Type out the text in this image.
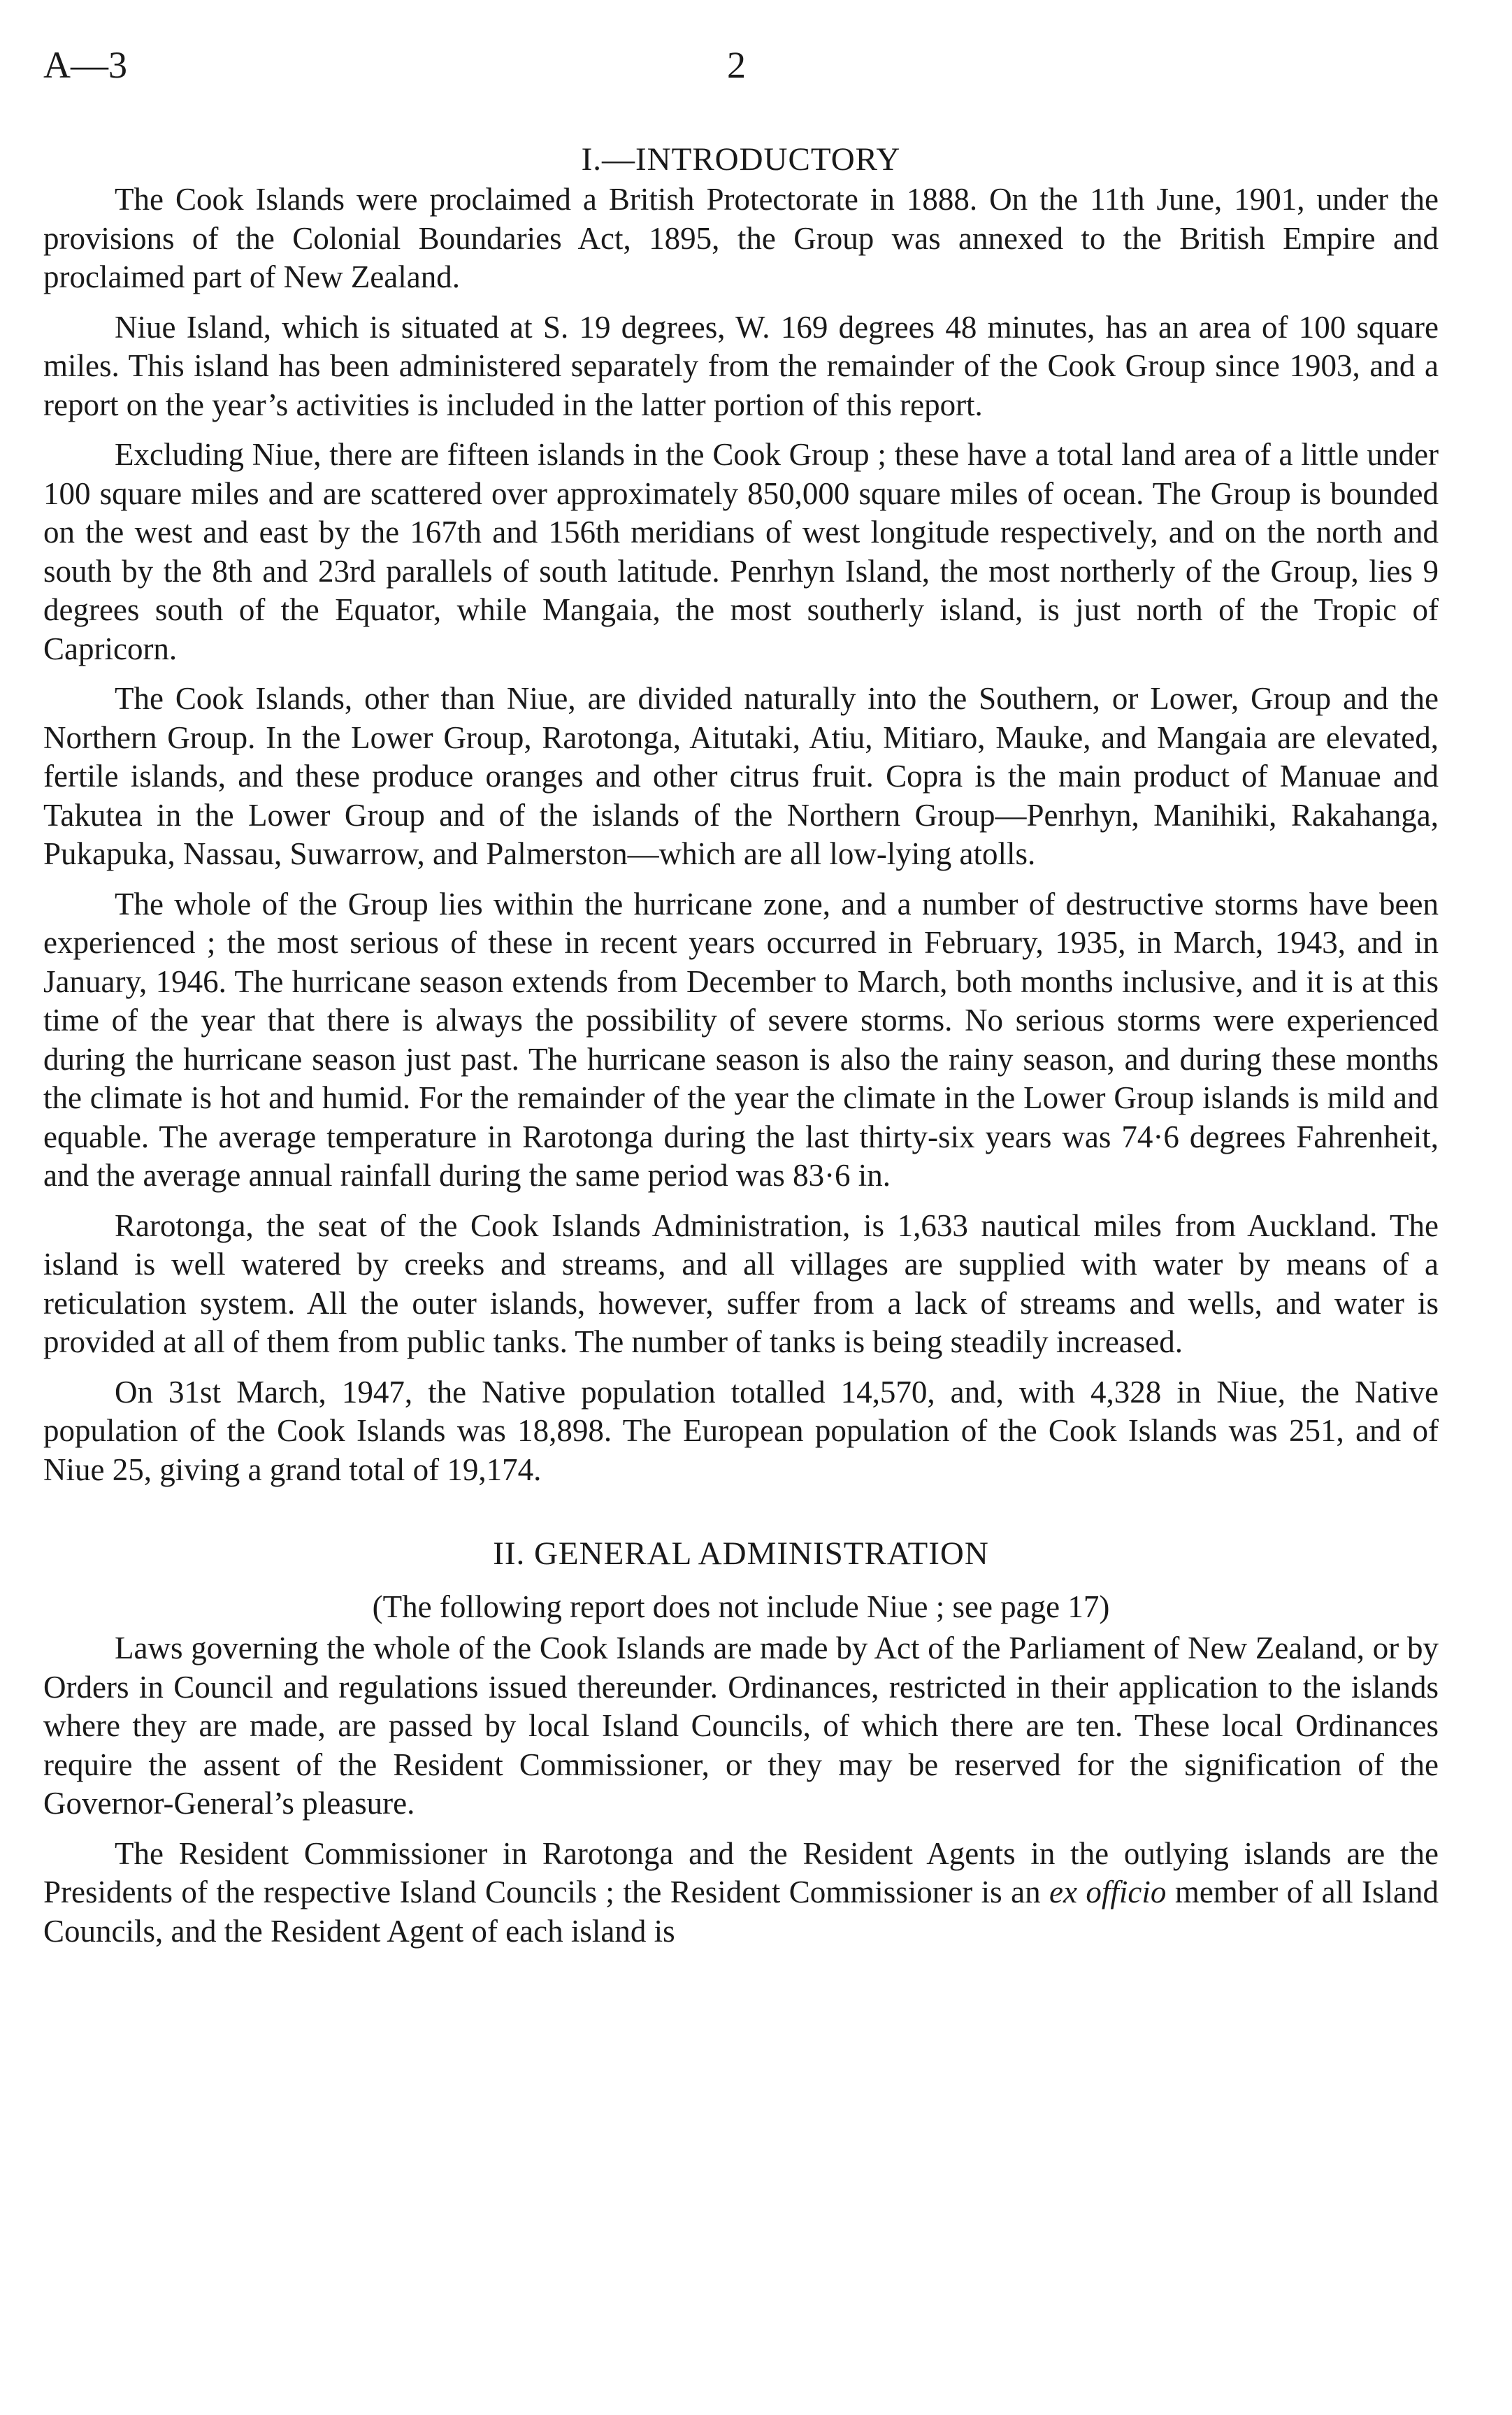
A—3	2
I.—INTRODUCTORY

The Cook Islands were proclaimed a British Protectorate in 1888. On the 11th June, 1901, under the provisions of the Colonial Boundaries Act, 1895, the Group was annexed to the British Empire and proclaimed part of New Zealand.

Niue Island, which is situated at S. 19 degrees, W. 169 degrees 48 minutes, has an area of 100 square miles. This island has been administered separately from the remainder of the Cook Group since 1903, and a report on the year’s activities is included in the latter portion of this report.

Excluding Niue, there are fifteen islands in the Cook Group ; these have a total land area of a little under 100 square miles and are scattered over approximately 850,000 square miles of ocean. The Group is bounded on the west and east by the 167th and 156th meridians of west longitude respectively, and on the north and south by the 8th and 23rd parallels of south latitude. Penrhyn Island, the most northerly of the Group, lies 9 degrees south of the Equator, while Mangaia, the most southerly island, is just north of the Tropic of Capricorn.

The Cook Islands, other than Niue, are divided naturally into the Southern, or Lower, Group and the Northern Group. In the Lower Group, Rarotonga, Aitutaki, Atiu, Mitiaro, Mauke, and Mangaia are elevated, fertile islands, and these produce oranges and other citrus fruit. Copra is the main product of Manuae and Takutea in the Lower Group and of the islands of the Northern Group—Penrhyn, Manihiki, Rakahanga, Pukapuka, Nassau, Suwarrow, and Palmerston—which are all low-lying atolls.

The whole of the Group lies within the hurricane zone, and a number of destructive storms have been experienced ; the most serious of these in recent years occurred in February, 1935, in March, 1943, and in January, 1946. The hurricane season extends from December to March, both months inclusive, and it is at this time of the year that there is always the possibility of severe storms. No serious storms were experienced during the hurricane season just past. The hurricane season is also the rainy season, and during these months the climate is hot and humid. For the remainder of the year the climate in the Lower Group islands is mild and equable. The average temperature in Rarotonga during the last thirty-six years was 74·6 degrees Fahrenheit, and the average annual rainfall during the same period was 83·6 in.

Rarotonga, the seat of the Cook Islands Administration, is 1,633 nautical miles from Auckland. The island is well watered by creeks and streams, and all villages are supplied with water by means of a reticulation system. All the outer islands, however, suffer from a lack of streams and wells, and water is provided at all of them from public tanks. The number of tanks is being steadily increased.

On 31st March, 1947, the Native population totalled 14,570, and, with 4,328 in Niue, the Native population of the Cook Islands was 18,898. The European population of the Cook Islands was 251, and of Niue 25, giving a grand total of 19,174.

II. GENERAL ADMINISTRATION
(The following report does not include Niue ; see page 17)

Laws governing the whole of the Cook Islands are made by Act of the Parliament of New Zealand, or by Orders in Council and regulations issued thereunder. Ordinances, restricted in their application to the islands where they are made, are passed by local Island Councils, of which there are ten. These local Ordinances require the assent of the Resident Commissioner, or they may be reserved for the signification of the Governor-General’s pleasure.

The Resident Commissioner in Rarotonga and the Resident Agents in the outlying islands are the Presidents of the respective Island Councils ; the Resident Commissioner is an ex officio member of all Island Councils, and the Resident Agent of each island is
